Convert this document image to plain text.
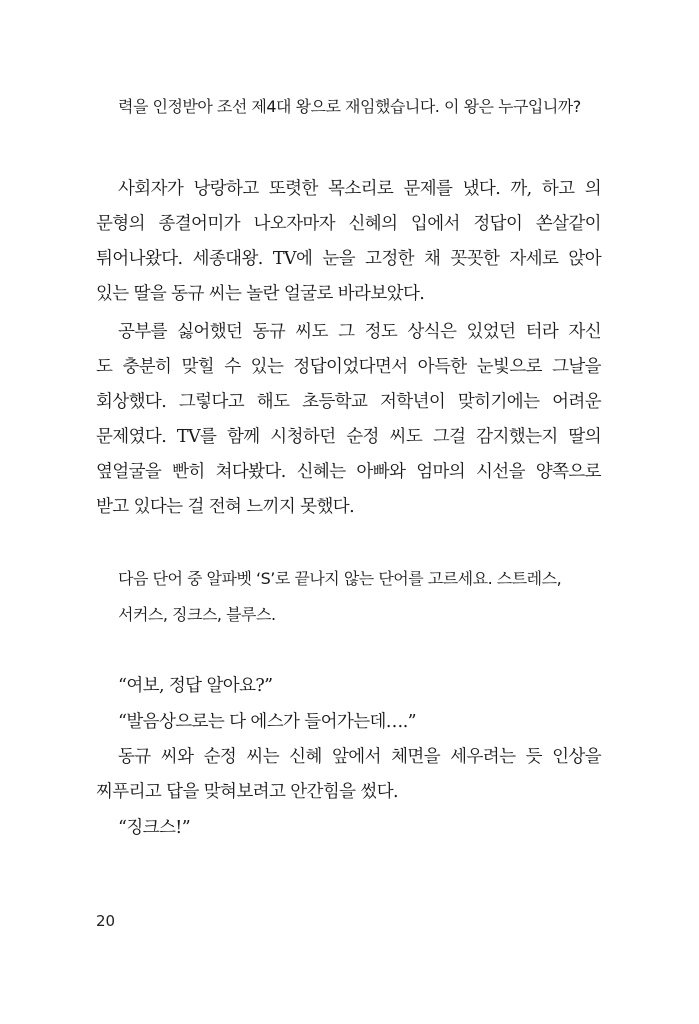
력을 인정받아 조선 제4대 왕으로 재임했습니다. 이 왕은 누구입니까?
사회자가 낭랑하고 또렷한 목소리로 문제를 냈다. 까, 하고 의
문형의 종결어미가 나오자마자 신혜의 입에서 정답이 쏜살같이
튀어나왔다. 세종대왕. TV에 눈을 고정한 채 꼿꼿한 자세로 앉아
있는 딸을 동규 씨는 놀란 얼굴로 바라보았다.
공부를 싫어했던 동규 씨도 그 정도 상식은 있었던 터라 자신
도 충분히 맞힐 수 있는 정답이었다면서 아득한 눈빛으로 그날을
회상했다. 그렇다고 해도 초등학교 저학년이 맞히기에는 어려운
문제였다. TV를 함께 시청하던 순정 씨도 그걸 감지했는지 딸의
옆얼굴을 빤히 쳐다봤다. 신혜는 아빠와 엄마의 시선을 양쪽으로
받고 있다는 걸 전혀 느끼지 못했다.
다음 단어 중 알파벳 ‘S’로 끝나지 않는 단어를 고르세요. 스트레스,
서커스, 징크스, 블루스.
“여보, 정답 알아요?”
“발음상으로는 다 에스가 들어가는데….”
동규 씨와 순정 씨는 신혜 앞에서 체면을 세우려는 듯 인상을
찌푸리고 답을 맞혀보려고 안간힘을 썼다.
“징크스!”
20
